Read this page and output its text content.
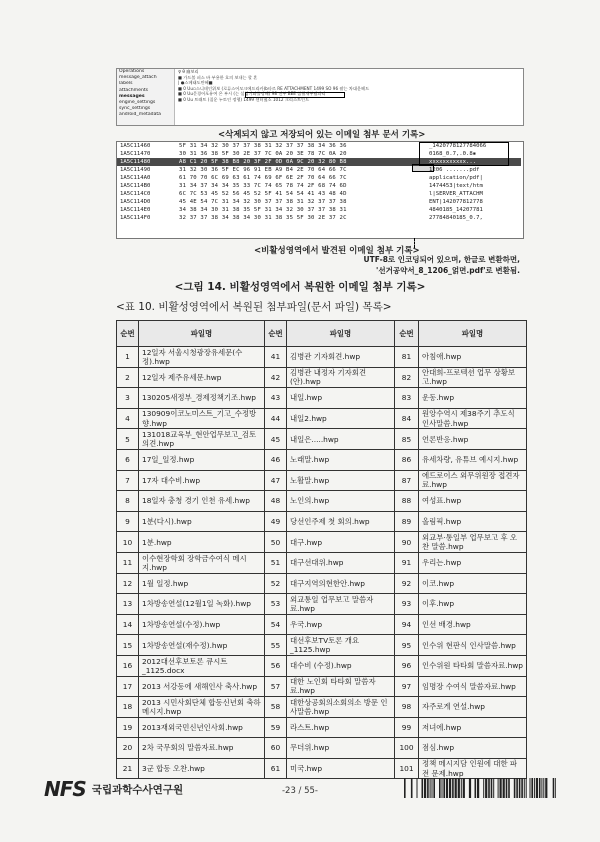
Operations
message_attach
labels
attachments
messages
engine_settings
sync_settings
android_metadata
♀ θ 廁보리
■ 가드볼 퍼스 바 부용한 호의 보내는 할 혼
| ●스메태도만혜■
■ 0 Uu▫스니데인위보 (로류스어모크에프리카)b타르 RE ATTACHMENT 1499 SO 96 팔는 차대운헤드
■ 0 Uu문경어포유여 은 부시 (는 설업기와를정해) 98 전부 BEE 삼뭘재부탐과리
■ 0 Uu 트래트 (집운 누토인 정행) 1499 센터혌소 1012 크리스트인드
<삭제되지 않고 저장되어 있는 이메일 첨부 문서 기록>
1A5C11460	5F 31 34 32 30 37 37 38 31 32 37 37 38 34 36 36	_1420778127784066
1A5C11470	30 31 36 38 5F 30 2E 37 7C 0A 20 3E 78 7C 0A 20	0168_0.7,.0.8▪
1A5C11480	A8 C1 20 5F 38 B8 20 3F 2F 0D 0A 9C 20 32 80 B8	xxxxxxxxxxx...
1A5C11490	31 32 30 36 5F EC 96 91 EB A9 B4 2E 70 64 66 7C	1206 .......pdf
1A5C114A0	61 70 70 6C 69 63 61 74 69 6F 6E 2F 70 64 66 7C	application/pdf|
1A5C114B0	31 34 37 34 34 35 33 7C 74 65 78 74 2F 68 74 6D	1474453|text/htm
1A5C114C0	6C 7C 53 45 52 56 45 52 5F 41 54 54 41 43 48 4D	l|SERVER_ATTACHM
1A5C114D0	45 4E 54 7C 31 34 32 30 37 37 38 31 32 37 37 38	ENT|142077812778
1A5C114E0	34 38 34 30 31 38 35 5F 31 34 32 30 37 37 38 31	4840185_14207781
1A5C114F0	32 37 37 38 34 38 34 30 31 38 35 5F 30 2E 37 2C	27784840185_0.7,
<비활성영역에서 발견된 이메일 첨부 기록>
UTF-8로 인코딩되어 있으며, 한글로 변환하면,
'선거공약서_8_1206_얽면.pdf'로 변환됨.
<그림 14. 비활성영역에서 복원한 이메일 첨부 기록>
<표 10. 비활성영역에서 복원된 첨부파일(문서 파일) 목록>
순번	파일명	순번	파일명	순번	파일명
1	12일자 서울시청광장유세문(수정).hwp	41	김병관 기자회견.hwp	81	아침애.hwp
2	12일자 제주유세문.hwp	42	김병관 내정자 기자회견(안).hwp	82	안대희-프로텍션 업무 상황보고.hwp
3	130205새정부_경제정책기조.hwp	43	내일.hwp	83	운동.hwp
4	130909이코노미스트_기고_수정방향.hwp	44	내일2.hwp	84	원앙수역시 제38주기 추도식 인사말씀.hwp
5	131018교육부_현안업무보고_검토의견.hwp	45	내일은.....hwp	85	언론반응.hwp
6	17일_일정.hwp	46	노래말.hwp	86	유세차량, 유튜브 예시지.hwp
7	17자 대수비.hwp	47	노활말.hwp	87	에드로이스 외무위원장 접견자료.hwp
8	18일자 충청 경기 인천 유세.hwp	48	노인의.hwp	88	여성표.hwp
9	1분(다시).hwp	49	당선인주제 첫 회의.hwp	89	올림픽.hwp
10	1분.hwp	50	대구.hwp	90	외교부·통일부 업무보고 후 오찬 말씀.hwp
11	이수현장학회 장학금수여식 메시지.hwp	51	대구선대위.hwp	91	우리는.hwp
12	1월 일정.hwp	52	대구지역의현한안.hwp	92	이코.hwp
13	1차방송연설(12월1일 녹화).hwp	53	외교통일 업무보고 말씀자료.hwp	93	이후.hwp
14	1차방송연설(수정).hwp	54	우국.hwp	94	인선 배경.hwp
15	1차방송연설(재수정).hwp	55	대선후보TV토론 개요_1125.hwp	95	인수위 현판식 인사말씀.hwp
16	2012대선후보토론 큐시트_1125.docx	56	대수비 (수정).hwp	96	인수위원 타타회 말씀자료.hwp
17	2013 서강동에 새해인사 축사.hwp	57	대한 노인회 타타회 말씀자료.hwp	97	임명장 수여식 말씀자료.hwp
18	2013 시민사회단체 합동신년회 축하 메시지.hwp	58	대한상공회의소회의소 방문 인사말씀.hwp	98	자주로게 연설.hwp
19	2013재외국민신년인사회.hwp	59	라스트.hwp	99	저녀에.hwp
20	2차 국무회의 말씀자료.hwp	60	무더위.hwp	100	점심.hwp
21	3군 합동 오찬.hwp	61	미국.hwp	101	정책 메시지담 인원에 대한 파전 문제.hwp
NFS 국립과학수사연구원	-23 / 55-
